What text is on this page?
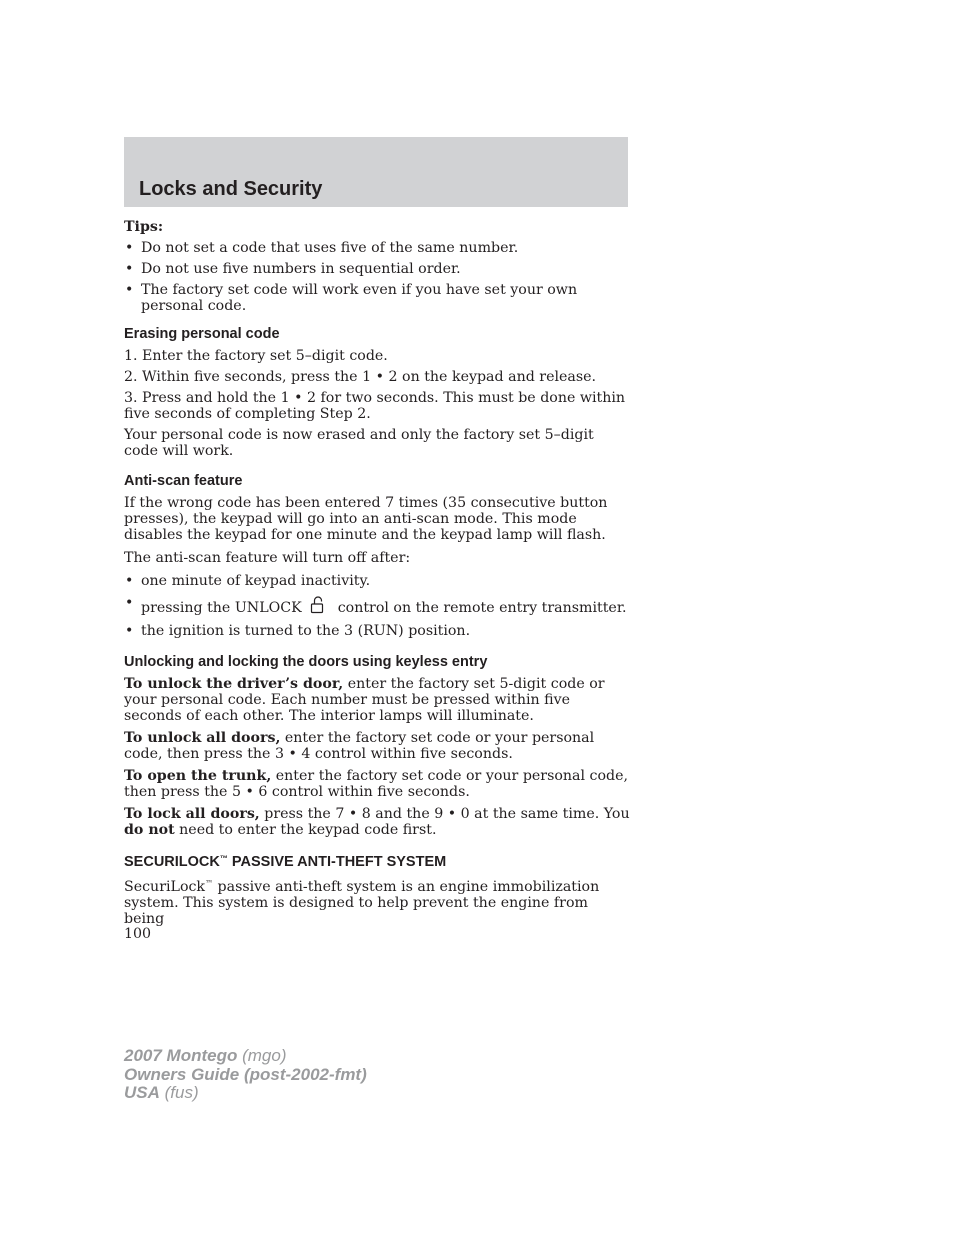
Locks and Security
Tips:
• Do not set a code that uses five of the same number.
• Do not use five numbers in sequential order.
• The factory set code will work even if you have set your own personal code.
Erasing personal code

1. Enter the factory set 5–digit code.

2. Within five seconds, press the 1 • 2 on the keypad and release.

3. Press and hold the 1 • 2 for two seconds. This must be done within five seconds of completing Step 2.

Your personal code is now erased and only the factory set 5–digit code will work.

Anti-scan feature

If the wrong code has been entered 7 times (35 consecutive button presses), the keypad will go into an anti-scan mode. This mode disables the keypad for one minute and the keypad lamp will flash.

The anti-scan feature will turn off after:

• one minute of keypad inactivity.
• pressing the UNLOCK	control on the remote entry transmitter.
• the ignition is turned to the 3 (RUN) position.
Unlocking and locking the doors using keyless entry

To unlock the driver’s door, enter the factory set 5-digit code or your personal code. Each number must be pressed within five seconds of each other. The interior lamps will illuminate.

To unlock all doors, enter the factory set code or your personal code, then press the 3 • 4 control within five seconds.

To open the trunk, enter the factory set code or your personal code, then press the 5 • 6 control within five seconds.

To lock all doors, press the 7 • 8 and the 9 • 0 at the same time. You do not need to enter the keypad code first.

SECURILOCK™ PASSIVE ANTI-THEFT SYSTEM

SecuriLock™ passive anti-theft system is an engine immobilization system. This system is designed to help prevent the engine from being

100
2007 Montego (mgo)
Owners Guide (post-2002-fmt)
USA (fus)
